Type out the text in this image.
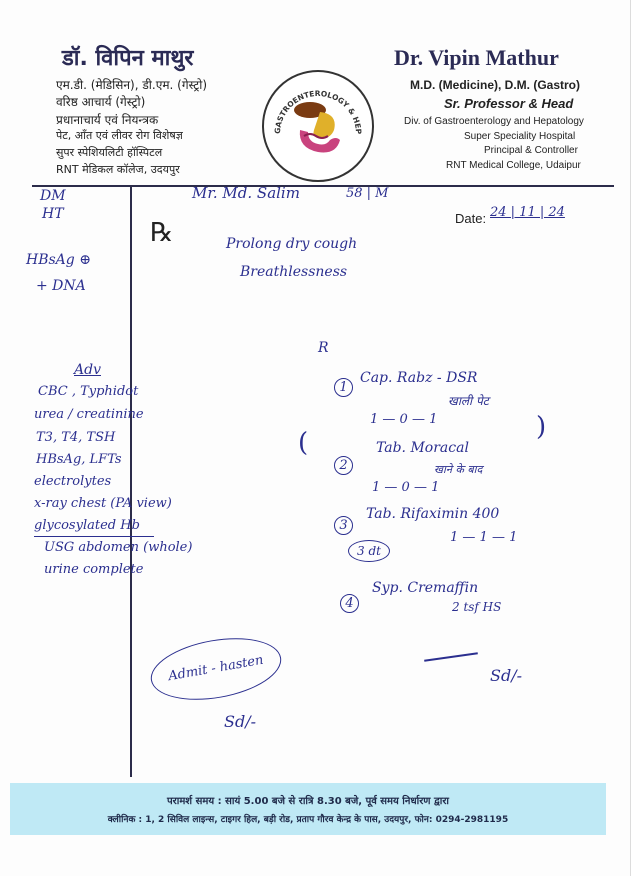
डॉ. विपिन माथुर
एम.डी. (मेडिसिन), डी.एम. (गेस्ट्रो)
वरिष्ठ आचार्य (गेस्ट्रो)
प्रधानाचार्य एवं नियन्त्रक
पेट, आँत एवं लीवर रोग विशेषज्ञ
सुपर स्पेशियलिटी हॉस्पिटल
RNT मेडिकल कॉलेज, उदयपुर
GASTROENTEROLOGY & HEP
Dr. Vipin Mathur
M.D. (Medicine), D.M. (Gastro)
Sr. Professor & Head
Div. of Gastroenterology and Hepatology
Super Speciality Hospital
Principal & Controller
RNT Medical College, Udaipur
Mr. Md. Salim	58 | M
Date: 24 | 11 | 24
℞
DM
HT
HBsAg ⊕
+ DNA
Adv
CBC , Typhidot
urea / creatinine
T3, T4, TSH
HBsAg, LFTs
electrolytes
x-ray chest (PA view)
glycosylated Hb
USG abdomen (whole)
urine complete
Prolong dry cough
Breathlessness
R
1
Cap. Rabz - DSR
खाली पेट
1 — 0 — 1
(
)
2
Tab. Moracal
खाने के बाद
1 — 0 — 1
3
Tab. Rifaximin 400
3 dt
1 — 1 — 1
4
Syp. Cremaffin
2 tsf HS
Admit - hasten	Sd/-
Sd/-
परामर्श समय : सायं 5.00 बजे से रात्रि 8.30 बजे, पूर्व समय निर्धारण द्वारा
क्लीनिक : 1, 2 सिविल लाइन्स, टाइगर हिल, बड़ी रोड, प्रताप गौरव केन्द्र के पास, उदयपुर, फोन: 0294-2981195
